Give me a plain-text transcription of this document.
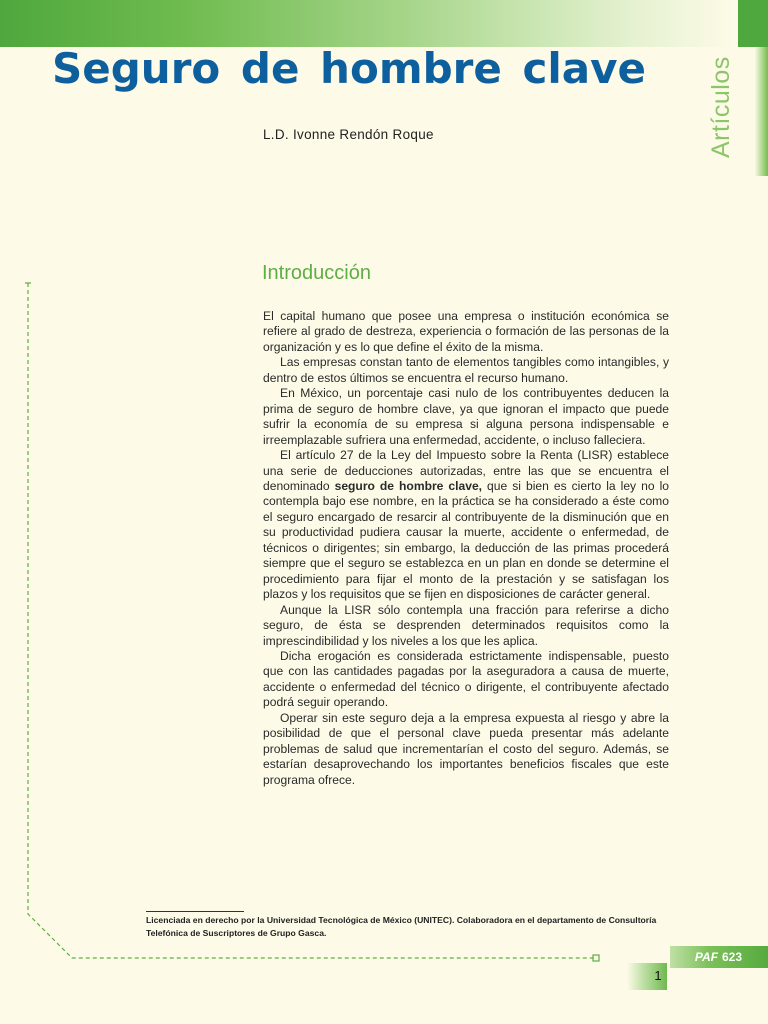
Artículos
Seguro de hombre clave
L.D. Ivonne Rendón Roque
Introducción

El capital humano que posee una empresa o institución económica se refiere al grado de destreza, experiencia o formación de las personas de la organización y es lo que define el éxito de la misma.

Las empresas constan tanto de elementos tangibles como intangibles, y dentro de estos últimos se encuentra el recurso humano.

En México, un porcentaje casi nulo de los contribuyentes deducen la prima de seguro de hombre clave, ya que ignoran el impacto que puede sufrir la economía de su empresa si alguna persona indispensable e irreemplazable sufriera una enfermedad, accidente, o incluso falleciera.

El artículo 27 de la Ley del Impuesto sobre la Renta (LISR) establece una serie de deducciones autorizadas, entre las que se encuentra el denominado seguro de hombre clave, que si bien es cierto la ley no lo contempla bajo ese nombre, en la práctica se ha considerado a éste como el seguro encargado de resarcir al contribuyente de la disminución que en su productividad pudiera causar la muerte, accidente o enfermedad, de técnicos o dirigentes; sin embargo, la deducción de las primas procederá siempre que el seguro se establezca en un plan en donde se determine el procedimiento para fijar el monto de la prestación y se satisfagan los plazos y los requisitos que se fijen en disposiciones de carácter general.

Aunque la LISR sólo contempla una fracción para referirse a dicho seguro, de ésta se desprenden determinados requisitos como la imprescindibilidad y los niveles a los que les aplica.

Dicha erogación es considerada estrictamente indispensable, puesto que con las cantidades pagadas por la aseguradora a causa de muerte, accidente o enfermedad del técnico o dirigente, el contribuyente afectado podrá seguir operando.

Operar sin este seguro deja a la empresa expuesta al riesgo y abre la posibilidad de que el personal clave pueda presentar más adelante problemas de salud que incrementarían el costo del seguro. Además, se estarían desaprovechando los importantes beneficios fiscales que este programa ofrece.

Licenciada en derecho por la Universidad Tecnológica de México (UNITEC). Colaboradora en el departamento de Consultoría Telefónica de Suscriptores de Grupo Gasca.
PAF 623
1
